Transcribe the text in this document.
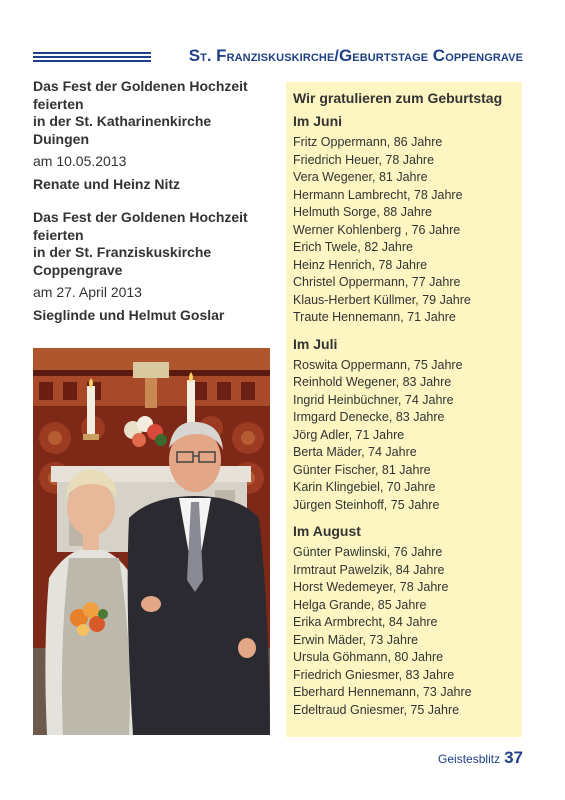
St. Franziskuskirche/Geburtstage Coppengrave
Das Fest der Goldenen Hochzeit
feierten
in der St. Katharinenkirche
Duingen
am 10.05.2013
Renate und Heinz Nitz
Das Fest der Goldenen Hochzeit
feierten
in der St. Franziskuskirche
Coppengrave
am 27. April 2013
Sieglinde und Helmut Goslar
Wir gratulieren zum Geburtstag
Im Juni
Fritz Oppermann, 86 Jahre
Friedrich Heuer, 78 Jahre
Vera Wegener, 81 Jahre
Hermann Lambrecht, 78 Jahre
Helmuth Sorge, 88 Jahre
Werner Kohlenberg , 76 Jahre
Erich Twele, 82 Jahre
Heinz Henrich, 78 Jahre
Christel Oppermann, 77 Jahre
Klaus-Herbert Küllmer, 79 Jahre
Traute Hennemann, 71 Jahre
Im Juli
Roswita Oppermann, 75 Jahre
Reinhold Wegener, 83 Jahre
Ingrid Heinbüchner, 74 Jahre
Irmgard Denecke, 83 Jahre
Jörg Adler, 71 Jahre
Berta Mäder, 74 Jahre
Günter Fischer, 81 Jahre
Karin Klingebiel, 70 Jahre
Jürgen Steinhoff, 75 Jahre
Im August
Günter Pawlinski, 76 Jahre
Irmtraut Pawelzik, 84 Jahre
Horst Wedemeyer, 78 Jahre
Helga Grande, 85 Jahre
Erika Armbrecht, 84 Jahre
Erwin Mäder, 73 Jahre
Ursula Göhmann, 80 Jahre
Friedrich Gniesmer, 83 Jahre
Eberhard Hennemann, 73 Jahre
Edeltraud Gniesmer, 75 Jahre
Geistesblitz 37
